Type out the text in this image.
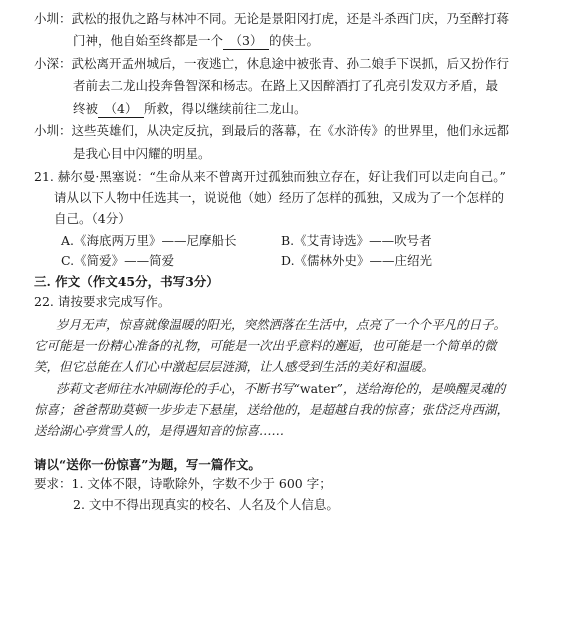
小圳：武松的报仇之路与林冲不同。无论是景阳冈打虎，还是斗杀西门庆，乃至醉打蒋
门神，他自始至终都是一个 （3） 的侠士。
小深：武松离开孟州城后，一夜逃亡，休息途中被张青、孙二娘手下误抓，后又扮作行
者前去二龙山投奔鲁智深和杨志。在路上又因醉酒打了孔亮引发双方矛盾，最
终被 （4） 所救，得以继续前往二龙山。
小圳：这些英雄们，从决定反抗，到最后的落幕，在《水浒传》的世界里，他们永远都
是我心目中闪耀的明星。
21. 赫尔曼·黑塞说：“生命从来不曾离开过孤独而独立存在，好让我们可以走向自己。”
请从以下人物中任选其一，说说他（她）经历了怎样的孤独，又成为了一个怎样的
自己。（4分）
A.《海底两万里》——尼摩船长	B.《艾青诗选》——吹号者
C.《简爱》——简爱	D.《儒林外史》——庄绍光
三. 作文（作文45分，书写3分）
22. 请按要求完成写作。
岁月无声，惊喜就像温暖的阳光，突然洒落在生活中，点亮了一个个平凡的日子。
它可能是一份精心准备的礼物，可能是一次出乎意料的邂逅，也可能是一个简单的微
笑，但它总能在人们心中激起层层涟漪，让人感受到生活的美好和温暖。
莎莉文老师往水冲刷海伦的手心，不断书写“water”，送给海伦的，是唤醒灵魂的
惊喜；爸爸帮助莫顿一步步走下悬崖，送给他的，是超越自我的惊喜；张岱泛舟西湖，
送给湖心亭赏雪人的，是得遇知音的惊喜……
请以“送你一份惊喜”为题，写一篇作文。
要求：1. 文体不限，诗歌除外，字数不少于 600 字；
2. 文中不得出现真实的校名、人名及个人信息。
